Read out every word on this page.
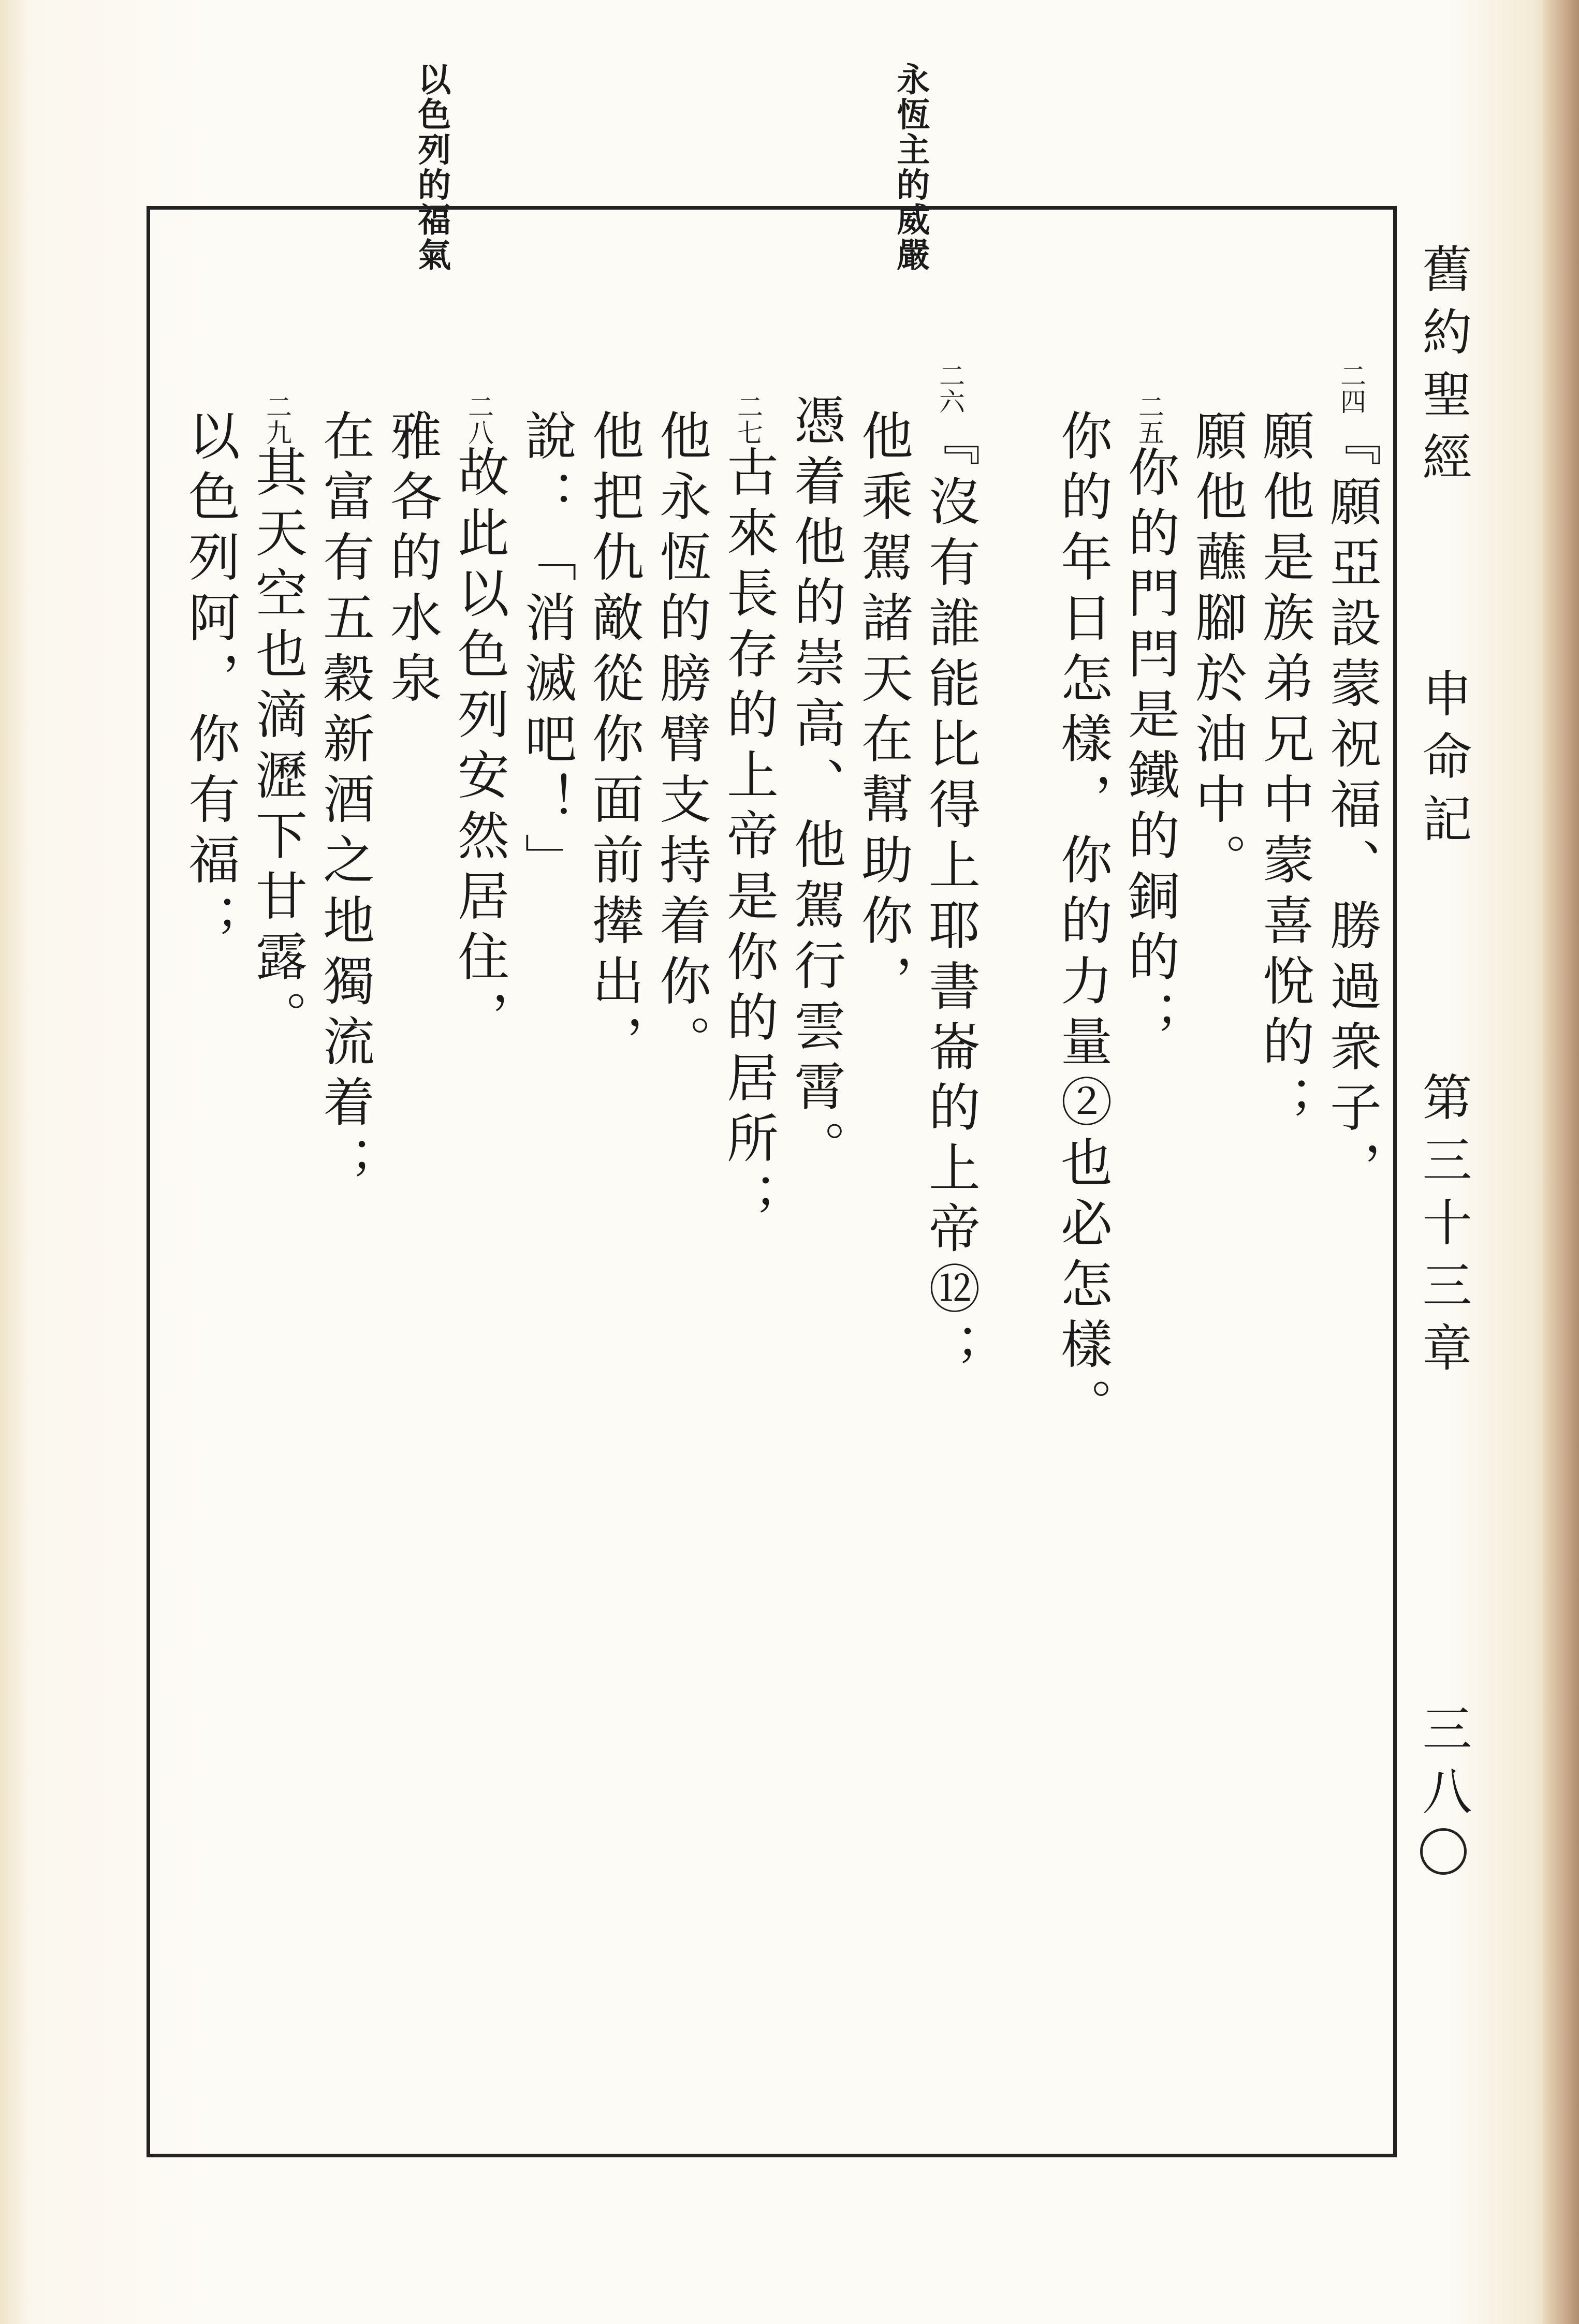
舊約聖經
申命記
第三十三章
三八
永恆主的威嚴
以色列的福氣
二四『願亞設蒙祝福、勝過衆子，
願他是族弟兄中蒙喜悅的；
願他蘸腳於油中。
二五你的門閂是鐵的銅的；
你的年日怎樣，你的力量②也必怎樣。
二六『沒有誰能比得上耶書崙的上帝⑫；
他乘駕諸天在幫助你，
憑着他的崇高、他駕行雲霄。
二七古來長存的上帝是你的居所；
他永恆的膀臂支持着你。
他把仇敵從你面前撵出，
說：「消滅吧！」
二八故此以色列安然居住，
雅各的水泉
在富有五穀新酒之地獨流着；
二九其天空也滴瀝下甘露。
以色列阿，你有福；
